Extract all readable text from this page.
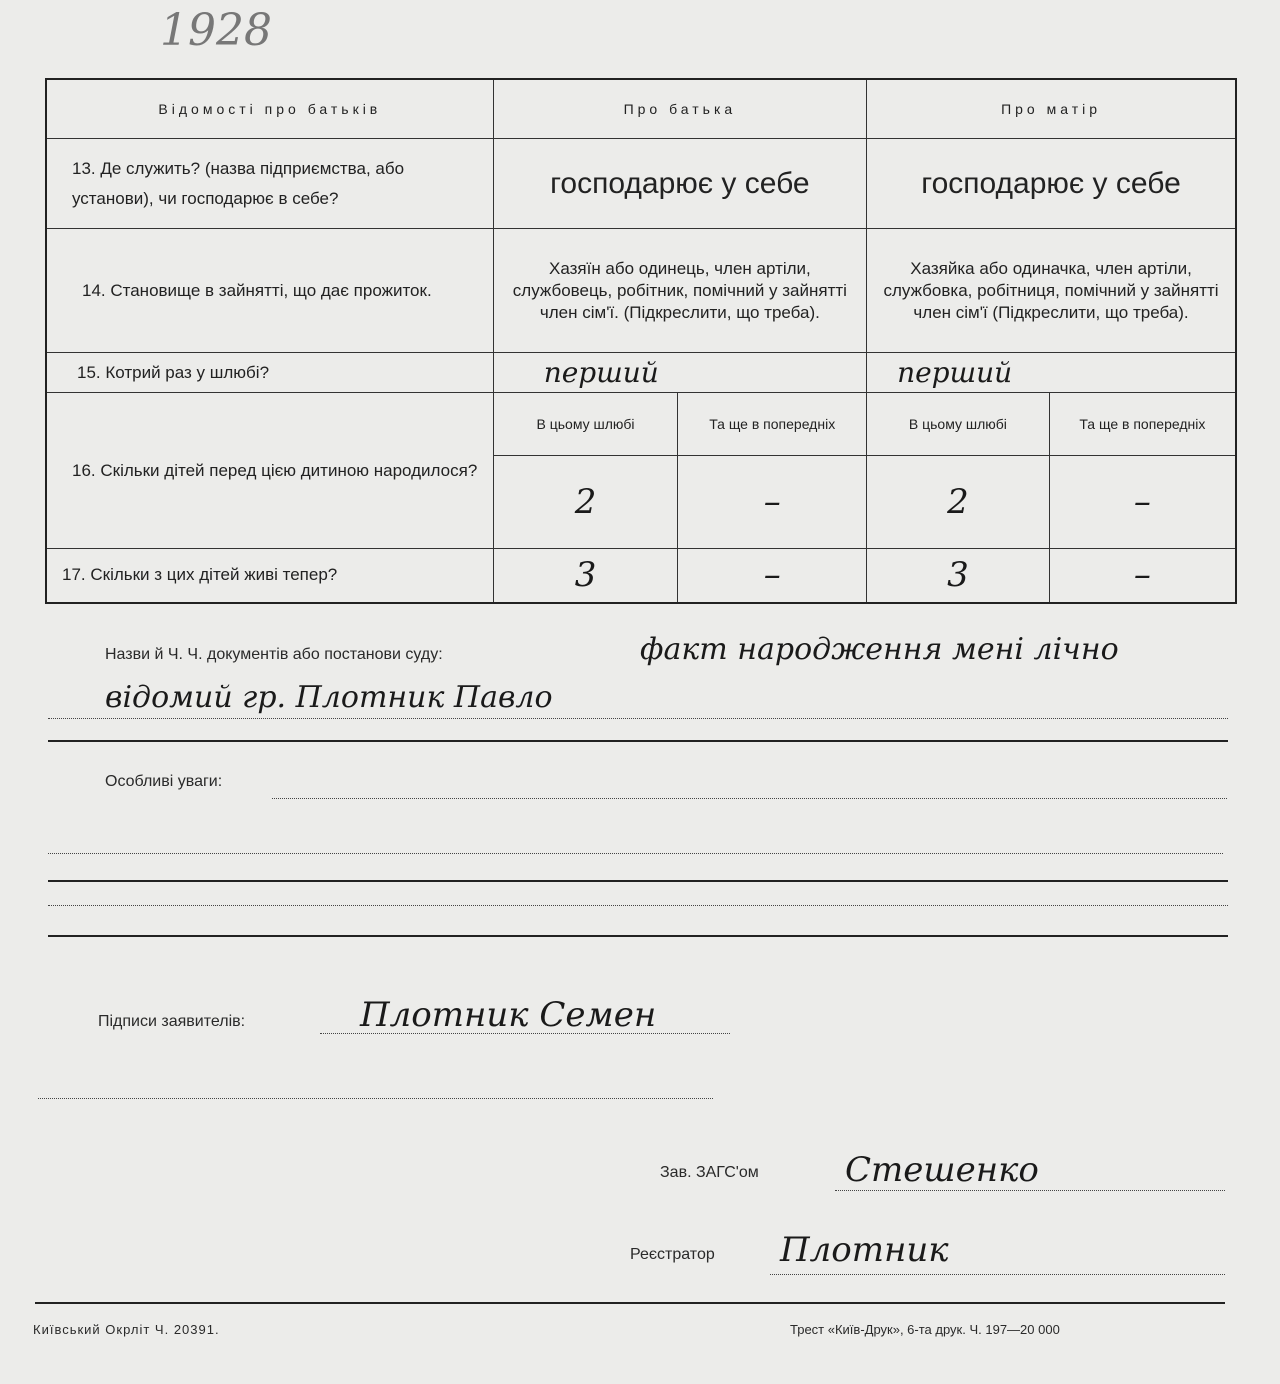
1928
Відомості про батьків	Про батька		Про матір	
13. Де служить? (назва підприємства, або установи), чи господарює в себе?	господарює у себе		господарює у себе	
14. Становище в зайнятті, що дає прожиток.	Хазяїн або одинець, член артіли, службовець, робітник, помічний у зайнятті член сім'ї. (Підкреслити, що треба).		Хазяйка або одиначка, член артіли, службовка, робітниця, помічний у зайнятті член сім'ї (Підкреслити, що треба).	
15. Котрий раз у шлюбі?	перший		перший	
16. Скільки дітей перед цією дитиною народилося?	В цьому шлюбі	Та ще в попередніх	В цьому шлюбі	Та ще в попередніх
	2	–	2	–
17. Скільки з цих дітей живі тепер?	3	–	3	–
Назви й Ч. Ч. документів або постанови суду:	факт народження мені лічно
відомий гр. Плотник Павло
Особливі уваги:
Підписи заявителів:	Плотник Семен
Зав. ЗАГС'ом	Стешенко
Реєстратор Плотник
Київський Окрліт Ч. 20391.	Трест «Київ-Друк», 6-та друк. Ч. 197—20 000
